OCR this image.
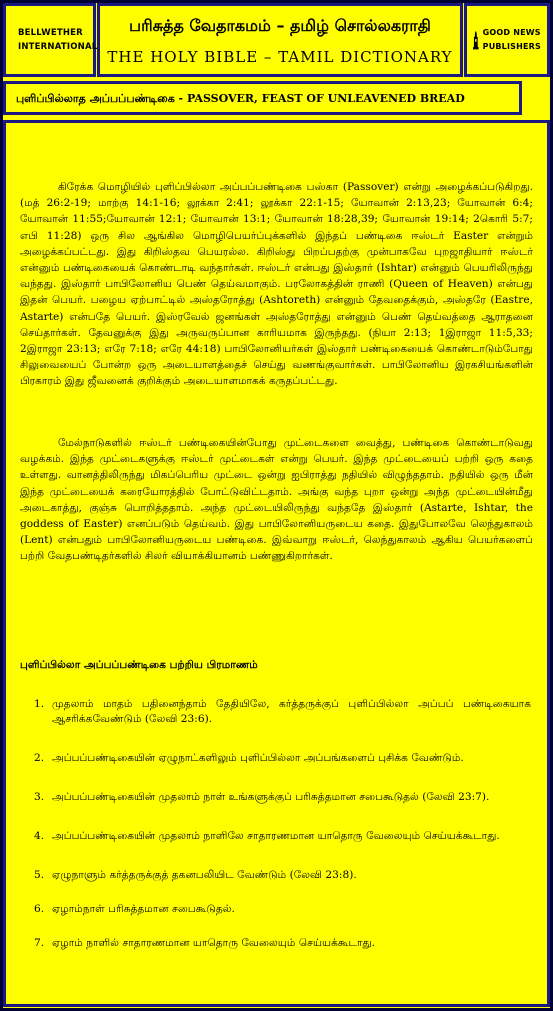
BELLWETHER
INTERNATIONAL
பரிசுத்த வேதாகமம் – தமிழ் சொல்லகராதி
THE HOLY BIBLE – TAMIL DICTIONARY
GOOD NEWS
PUBLISHERS
புளிப்பில்லாத அப்பப்பண்டிகை - PASSOVER, FEAST OF UNLEAVENED BREAD
கிரேக்க மொழியில் புளிப்பில்லா அப்பப்பண்டிகை பஸ்கா (Passover) என்று அழைக்கப்படுகிறது. (மத் 26:2-19; மாற்கு 14:1-16; லூக்கா 2:41; லூக்கா 22:1-15; யோவான் 2:13,23; யோவான் 6:4; யோவான் 11:55;யோவான் 12:1; யோவான் 13:1; யோவான் 18:28,39; யோவான் 19:14; 2கொரி 5:7; எபி 11:28) ஒரு சில ஆங்கில மொழிபெயர்ப்புக்களில் இந்தப் பண்டிகை ஈஸ்டர் Easter என்றும் அழைக்கப்பட்டது. இது கிறிஸ்தவ பெயரல்ல. கிறிஸ்து பிறப்பதற்கு முன்பாகவே புறஜாதியார் ஈஸ்டர் என்னும் பண்டிகையைக் கொண்டாடி வந்தார்கள். ஈஸ்டர் என்பது இஸ்தார் (Ishtar) என்னும் பெயரிலிருந்து வந்தது. இஸ்தார் பாபிலோனிய பெண் தெய்வமாகும். பரலோகத்தின் ராணி (Queen of Heaven) என்பது இதன் பெயர். பழைய ஏற்பாட்டில் அஸ்தரோத்து (Ashtoreth) என்னும் தேவதைக்கும், அஸ்தரே (Eastre, Astarte) என்பதே பெயர். இஸ்ரவேல் ஜனங்கள் அஸ்தரோத்து என்னும் பெண் தெய்வத்தை ஆராதனை செய்தார்கள். தேவனுக்கு இது அருவருப்பான காரியமாக இருந்தது. (நியா 2:13; 1இராஜா 11:5,33; 2இராஜா 23:13; எரே 7:18; எரே 44:18) பாபிலோனியர்கள் இஸ்தார் பண்டிகையைக் கொண்டாடும்போது சிலுவையைப் போன்ற ஒரு அடையாளத்தைச் செய்து வணங்குவார்கள். பாபிலோனிய இரகசியங்களின் பிரகாரம் இது ஜீவனைக் குறிக்கும் அடையாளமாகக் கருதப்பட்டது.
மேல்நாடுகளில் ஈஸ்டர் பண்டிகையின்போது முட்டைகளை வைத்து, பண்டிகை கொண்டாடுவது வழக்கம். இந்த முட்டைகளுக்கு ஈஸ்டர் முட்டைகள் என்று பெயர். இந்த முட்டையைப் பற்றி ஒரு கதை உள்ளது. வானத்திலிருந்து மிகப்பெரிய முட்டை ஒன்று ஐபிராத்து நதியில் விழுந்ததாம். நதியில் ஒரு மீன் இந்த முட்டையைக் கரையோரத்தில் போட்டுவிட்டதாம். அங்கு வந்த புறா ஒன்று அந்த முட்டையின்மீது அடைகாத்து, குஞ்சு பொறித்ததாம். அந்த முட்டையிலிருந்து வந்ததே இஸ்தார் (Astarte, Ishtar, the goddess of Easter) எனப்படும் தெய்வம். இது பாபிலோனியருடைய கதை. இதுபோலவே லெந்துகாலம் (Lent) என்பதும் பாபிலோனியருடைய பண்டிகை. இவ்வாறு ஈஸ்டர், லெந்துகாலம் ஆகிய பெயர்களைப் பற்றி வேதபண்டிதர்களில் சிலர் வியாக்கியானம் பண்ணுகிறார்கள்.
புளிப்பில்லா அப்பப்பண்டிகை பற்றிய பிரமாணம்
1. முதலாம் மாதம் பதினைந்தாம் தேதியிலே, கர்த்தருக்குப் புளிப்பில்லா அப்பப் பண்டிகையாக ஆசரிக்கவேண்டும் (லேவி 23:6).
2. அப்பப்பண்டிகையின் ஏழுநாட்களிலும் புளிப்பில்லா அப்பங்களைப் புசிக்க வேண்டும்.
3. அப்பப்பண்டிகையின் முதலாம் நாள் உங்களுக்குப் பரிசுத்தமான சபைகூடுதல் (லேவி 23:7).
4. அப்பப்பண்டிகையின் முதலாம் நாளிலே சாதாரணமான யாதொரு வேலையும் செய்யக்கூடாது.
5. ஏழுநாளும் கர்த்தருக்குத் தகனபலியிட வேண்டும் (லேவி 23:8).
6. ஏழாம்நாள் பரிசுத்தமான சபைகூடுதல்.
7. ஏழாம் நாளில் சாதாரணமான யாதொரு வேலையும் செய்யக்கூடாது.
